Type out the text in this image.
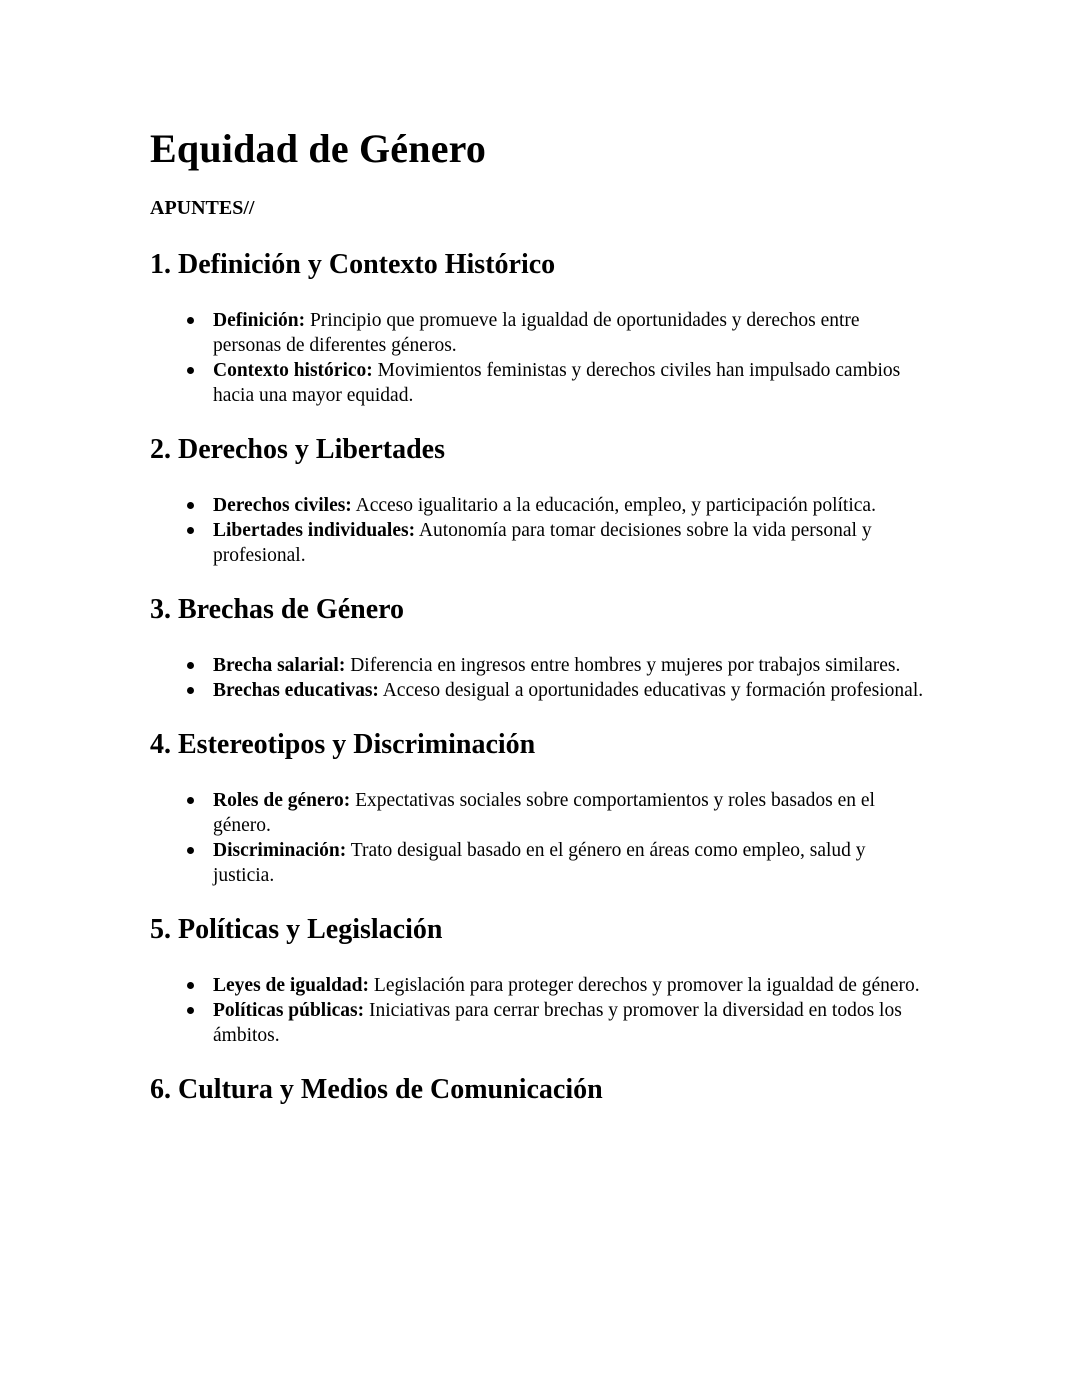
Equidad de Género

APUNTES//

1. Definición y Contexto Histórico
Definición: Principio que promueve la igualdad de oportunidades y derechos entre personas de diferentes géneros.
Contexto histórico: Movimientos feministas y derechos civiles han impulsado cambios hacia una mayor equidad.
2. Derechos y Libertades
Derechos civiles: Acceso igualitario a la educación, empleo, y participación política.
Libertades individuales: Autonomía para tomar decisiones sobre la vida personal y profesional.
3. Brechas de Género
Brecha salarial: Diferencia en ingresos entre hombres y mujeres por trabajos similares.
Brechas educativas: Acceso desigual a oportunidades educativas y formación profesional.
4. Estereotipos y Discriminación
Roles de género: Expectativas sociales sobre comportamientos y roles basados en el género.
Discriminación: Trato desigual basado en el género en áreas como empleo, salud y justicia.
5. Políticas y Legislación
Leyes de igualdad: Legislación para proteger derechos y promover la igualdad de género.
Políticas públicas: Iniciativas para cerrar brechas y promover la diversidad en todos los ámbitos.
6. Cultura y Medios de Comunicación
